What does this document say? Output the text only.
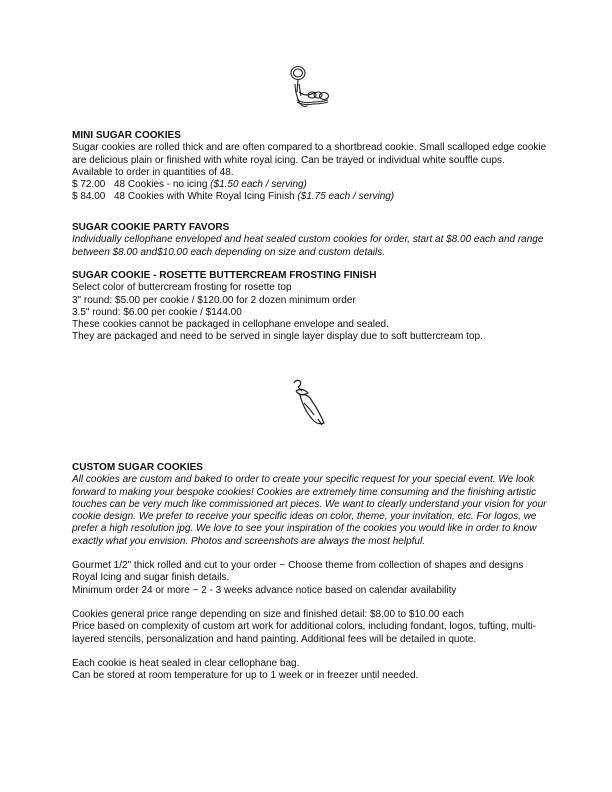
MINI SUGAR COOKIES

Sugar cookies are rolled thick and are often compared to a shortbread cookie. Small scalloped edge cookie

are delicious plain or finished with white royal icing. Can be trayed or individual white souffle cups.

Available to order in quantities of 48.

$ 72.00 48 Cookies - no icing ($1.50 each / serving)

$ 84.00 48 Cookies with White Royal Icing Finish ($1.75 each / serving)

SUGAR COOKIE PARTY FAVORS

Individually cellophane enveloped and heat sealed custom cookies for order, start at $8.00 each and range

between $8.00 and$10.00 each depending on size and custom details.

SUGAR COOKIE - ROSETTE BUTTERCREAM FROSTING FINISH

Select color of buttercream frosting for rosette top

3" round: $5.00 per cookie / $120.00 for 2 dozen minimum order

3.5" round: $6.00 per cookie / $144.00

These cookies cannot be packaged in cellophane envelope and sealed.

They are packaged and need to be served in single layer display due to soft buttercream top.

CUSTOM SUGAR COOKIES

All cookies are custom and baked to order to create your specific request for your special event. We look

forward to making your bespoke cookies! Cookies are extremely time consuming and the finishing artistic

touches can be very much like commissioned art pieces. We want to clearly understand your vision for your

cookie design. We prefer to receive your specific ideas on color, theme, your invitation, etc. For logos, we

prefer a high resolution jpg. We love to see your inspiration of the cookies you would like in order to know

exactly what you envision. Photos and screenshots are always the most helpful.

Gourmet 1/2" thick rolled and cut to your order ~ Choose theme from collection of shapes and designs

Royal Icing and sugar finish details.

Minimum order 24 or more ~ 2 - 3 weeks advance notice based on calendar availability

Cookies general price range depending on size and finished detail: $8.00 to $10.00 each

Price based on complexity of custom art work for additional colors, including fondant, logos, tufting, multi-

layered stencils, personalization and hand painting. Additional fees will be detailed in quote.

Each cookie is heat sealed in clear cellophane bag.

Can be stored at room temperature for up to 1 week or in freezer until needed.
